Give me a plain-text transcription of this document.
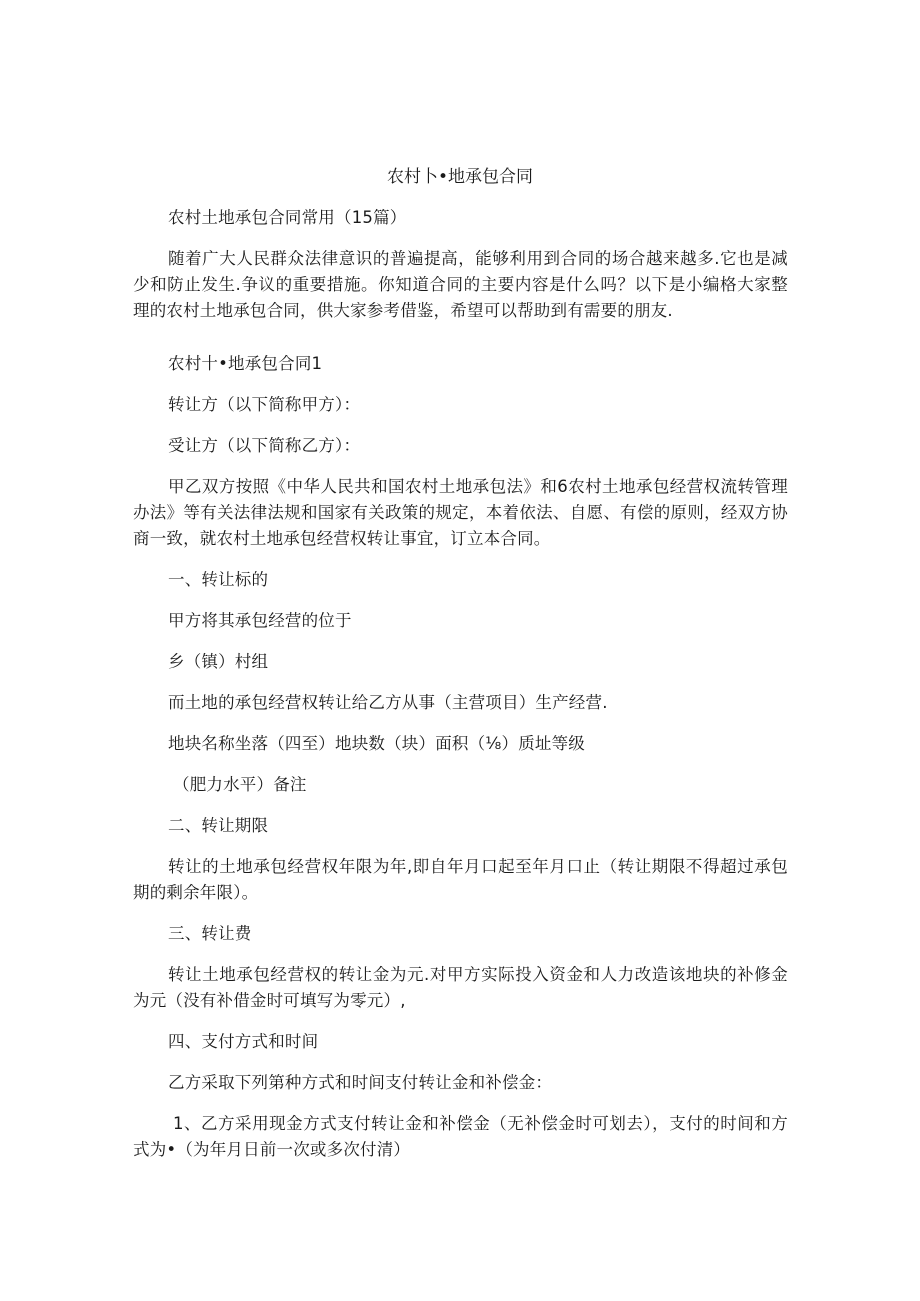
农村卜•地承包合同

农村土地承包合同常用（15篇）

随着广大人民群众法律意识的普遍提高，能够利用到合同的场合越来越多.它也是减少和防止发生.争议的重要措施。你知道合同的主要内容是什么吗？以下是小编格大家整理的农村土地承包合同，供大家参考借鉴，希望可以帮助到有需要的朋友.

农村十•地承包合同1

转让方（以下简称甲方）：

受让方（以下简称乙方）：

甲乙双方按照《中华人民共和国农村土地承包法》和6农村土地承包经营权流转管理办法》等有关法律法规和国家有关政策的规定，本着依法、自愿、有偿的原则，经双方协商一致，就农村土地承包经营权转让事宜，订立本合同。

一、转让标的

甲方将其承包经营的位于

乡（镇）村组

而土地的承包经营权转让给乙方从事（主营项目）生产经营.

地块名称坐落（四至）地块数（块）面积（⅛）质址等级

（肥力水平）备注

二、转让期限

转让的土地承包经营权年限为年,即自年月口起至年月口止（转让期限不得超过承包期的剩余年限）。

三、转让费

转让土地承包经营权的转让金为元.对甲方实际投入资金和人力改造该地块的补修金为元（没有补借金时可填写为零元）,

四、支付方式和时间

乙方采取下列第种方式和时间支付转让金和补偿金：

1、乙方采用现金方式支付转让金和补偿金（无补偿金时可划去），支付的时间和方式为•（为年月日前一次或多次付清）
